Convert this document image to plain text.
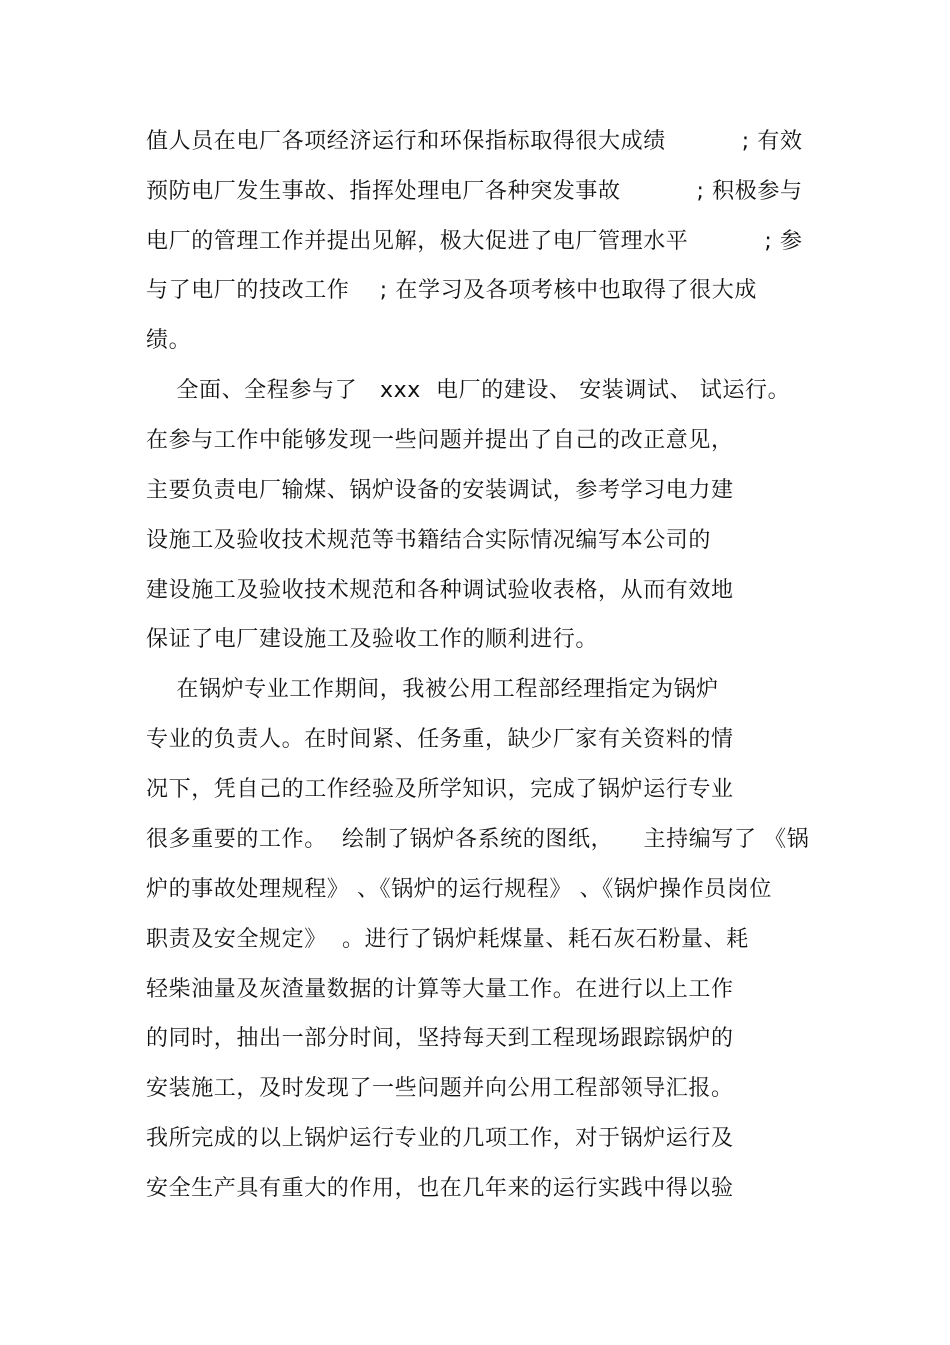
值人员在电厂各项经济运行和环保指标取得很大成绩          ; 有效
预防电厂发生事故、指挥处理电厂各种突发事故          ; 积极参与
电厂的管理工作并提出见解，极大促进了电厂管理水平          ; 参
与了电厂的技改工作    ; 在学习及各项考核中也取得了很大成
绩。
全面、全程参与了   xxx  电厂的建设、 安装调试、 试运行。
在参与工作中能够发现一些问题并提出了自己的改正意见，
主要负责电厂输煤、锅炉设备的安装调试，参考学习电力建
设施工及验收技术规范等书籍结合实际情况编写本公司的
建设施工及验收技术规范和各种调试验收表格，从而有效地
保证了电厂建设施工及验收工作的顺利进行。
在锅炉专业工作期间，我被公用工程部经理指定为锅炉
专业的负责人。在时间紧、任务重，缺少厂家有关资料的情
况下，凭自己的工作经验及所学知识，完成了锅炉运行专业
很多重要的工作。  绘制了锅炉各系统的图纸，    主持编写了 《锅
炉的事故处理规程》 、《锅炉的运行规程》 、《锅炉操作员岗位
职责及安全规定》  。进行了锅炉耗煤量、耗石灰石粉量、耗
轻柴油量及灰渣量数据的计算等大量工作。在进行以上工作
的同时，抽出一部分时间，坚持每天到工程现场跟踪锅炉的
安装施工，及时发现了一些问题并向公用工程部领导汇报。
我所完成的以上锅炉运行专业的几项工作，对于锅炉运行及
安全生产具有重大的作用，也在几年来的运行实践中得以验
